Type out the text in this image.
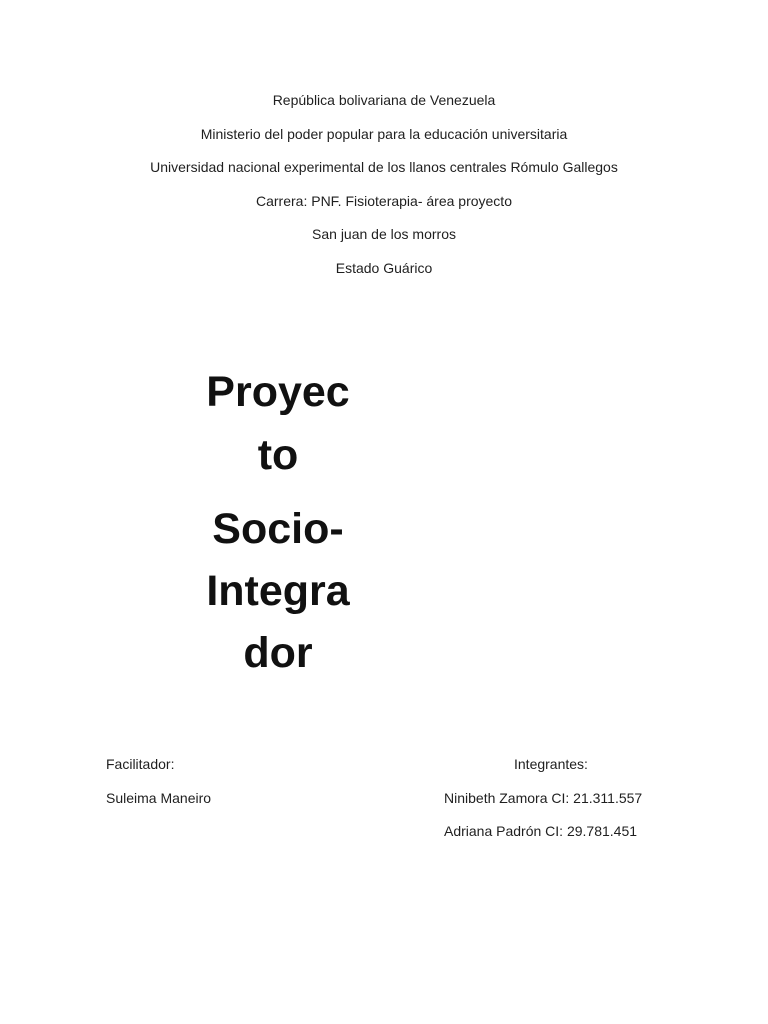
República bolivariana de Venezuela
Ministerio del poder popular para la educación universitaria
Universidad nacional experimental de los llanos centrales Rómulo Gallegos
Carrera: PNF. Fisioterapia- área proyecto
San juan de los morros
Estado Guárico
Proyec
to
Socio-
Integra
dor
Facilitador:
Suleima Maneiro
Integrantes:
Ninibeth Zamora CI: 21.311.557
Adriana Padrón CI: 29.781.451
